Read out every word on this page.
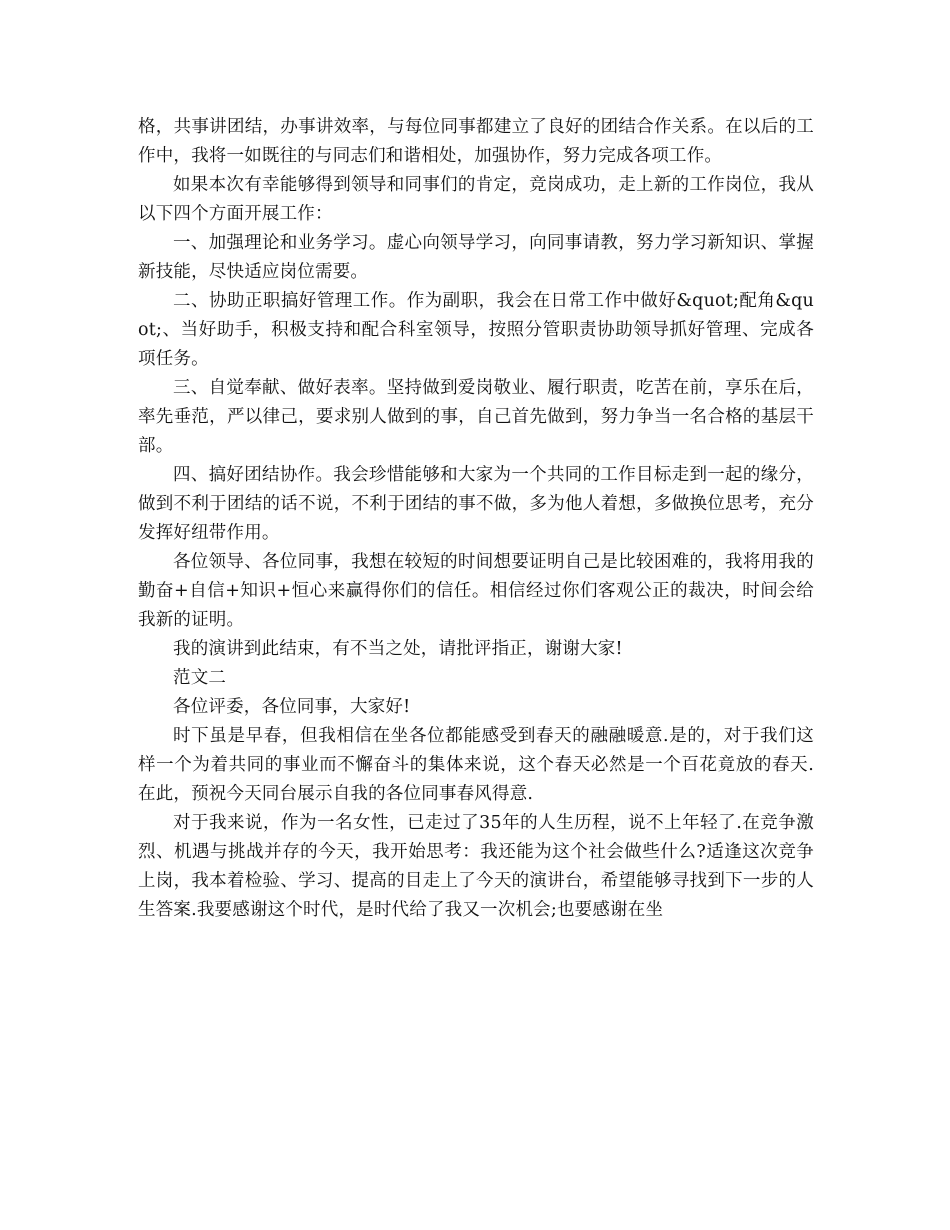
格，共事讲团结，办事讲效率，与每位同事都建立了良好的团结合作关系。在以后的工作中，我将一如既往的与同志们和谐相处，加强协作，努力完成各项工作。

如果本次有幸能够得到领导和同事们的肯定，竞岗成功，走上新的工作岗位，我从以下四个方面开展工作：

一、加强理论和业务学习。虚心向领导学习，向同事请教，努力学习新知识、掌握新技能，尽快适应岗位需要。

二、协助正职搞好管理工作。作为副职，我会在日常工作中做好&quot;配角&quot;、当好助手，积极支持和配合科室领导，按照分管职责协助领导抓好管理、完成各项任务。

三、自觉奉献、做好表率。坚持做到爱岗敬业、履行职责，吃苦在前，享乐在后，率先垂范，严以律己，要求别人做到的事，自己首先做到，努力争当一名合格的基层干部。

四、搞好团结协作。我会珍惜能够和大家为一个共同的工作目标走到一起的缘分，做到不利于团结的话不说，不利于团结的事不做，多为他人着想，多做换位思考，充分发挥好纽带作用。

各位领导、各位同事，我想在较短的时间想要证明自己是比较困难的，我将用我的勤奋+自信+知识+恒心来赢得你们的信任。相信经过你们客观公正的裁决，时间会给我新的证明。

我的演讲到此结束，有不当之处，请批评指正，谢谢大家!

范文二

各位评委，各位同事，大家好!

时下虽是早春，但我相信在坐各位都能感受到春天的融融暖意.是的，对于我们这样一个为着共同的事业而不懈奋斗的集体来说，这个春天必然是一个百花竟放的春天.在此，预祝今天同台展示自我的各位同事春风得意.

对于我来说，作为一名女性，已走过了35年的人生历程，说不上年轻了.在竞争激烈、机遇与挑战并存的今天，我开始思考：我还能为这个社会做些什么?适逢这次竞争上岗，我本着检验、学习、提高的目走上了今天的演讲台，希望能够寻找到下一步的人生答案.我要感谢这个时代，是时代给了我又一次机会;也要感谢在坐
